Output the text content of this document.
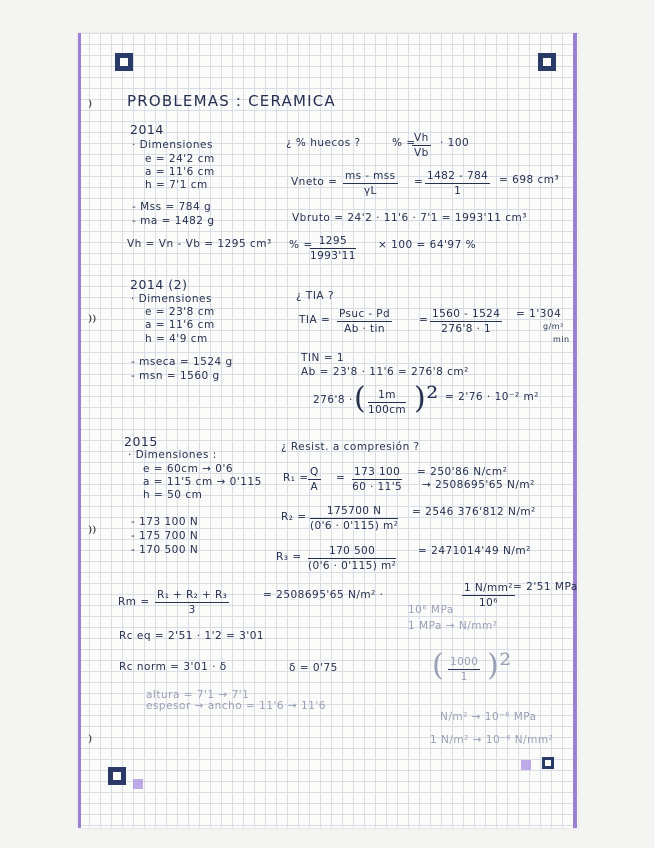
⁾
⁾⁾
⁾⁾
⁾
PROBLEMAS : CERAMICA
2014
· Dimensiones
e = 24'2 cm
a = 11'6 cm
h = 7'1 cm
- Mss = 784 g
- ma = 1482 g
Vh = Vn - Vb = 1295 cm³
¿ % huecos ?	% =
$\frac{Vh}{Vb} \cdot 100$
Vneto = ms - mss
γL
= $\frac{1482 - 784}{1} = 698$ cm³
Vbruto = 24'2 · 11'6 · 7'1 = 1993'11 cm³
% =
$\frac{1295}{1993'11} \times 100 = 64'97$ %
2014 (2)
· Dimensiones
e = 23'8 cm
a = 11'6 cm
h = 4'9 cm
- mseca = 1524 g
- msn = 1560 g
¿ TIA ?
TIA = Psuc - Pd
Ab · tin
= $\frac{1560 - 1524}{276'8 \cdot 1} = 1'304$
g/m²
min
TIN = 1
Ab = 23'8 · 11'6 = 276'8 cm²
276'8 · ( $\frac{1m}{100cm} )^2 = 2'76 \cdot 10^{-2}$ m²
2015
· Dimensiones :
e = 60cm → 0'6
a = 11'5 cm → 0'115
h = 50 cm
- 173 100 N
- 175 700 N
- 170 500 N
¿ Resist. a compresión ?
$R_1 = \frac{Q}{A} = \frac{173 100}{60 \cdot 11'5} = 250'86$ N/cm²
→ 2508695'65 N/m²
$R_2 = \frac{175700 N}{\text{(0'6 · 0'115) m²}} = 2546$ 376'812 N/m²
$R_3 = \frac{170 500}{\text{(0'6 · 0'115) m²}} = 2471014'49$ N/m²
$Rm = \frac{\text{R₁ + R₂ + R₃}}{3}$	= 2508695'65 N/m² ·	$\frac{\text{1 N/mm²}}{\text{10⁶}}$
= 2'51 MPa
Rc eq = 2'51 · 1'2 = 3'01
Rc norm = 3'01 · δ	δ = 0'75
altura = 7'1 → 7'1
espesor → ancho = 11'6 → 11'6
10⁶ MPa
1 MPa → N/mm²
( $\frac{1000}{1} )^2$
N/m² → 10⁻⁶ MPa
1 N/m² → 10⁻⁶ N/mm²
